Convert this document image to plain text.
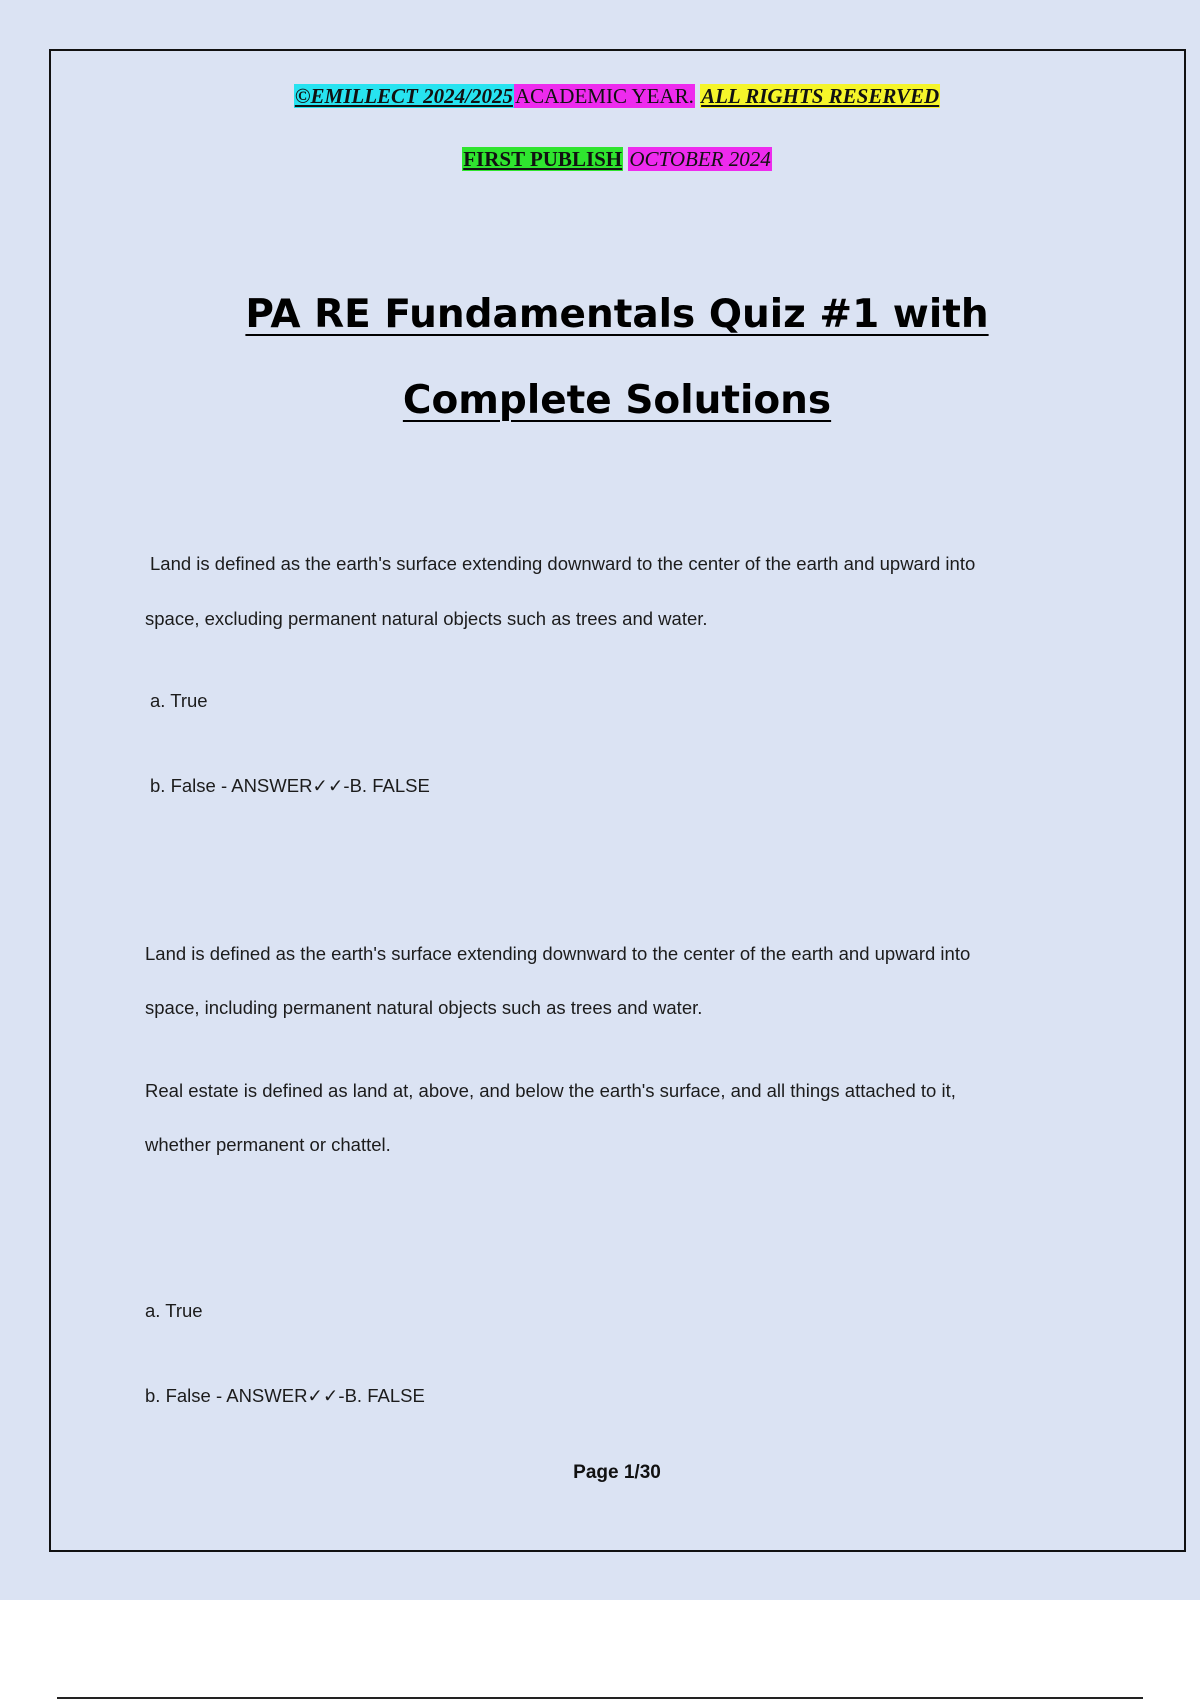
©EMILLECT 2024/2025ACADEMIC YEAR. ALL RIGHTS RESERVED
FIRST PUBLISH OCTOBER 2024
PA RE Fundamentals Quiz #1 with
Complete Solutions
Land is defined as the earth's surface extending downward to the center of the earth and upward into
space, excluding permanent natural objects such as trees and water.
a. True
b. False - ANSWER✓✓-B. FALSE
Land is defined as the earth's surface extending downward to the center of the earth and upward into
space, including permanent natural objects such as trees and water.
Real estate is defined as land at, above, and below the earth's surface, and all things attached to it,
whether permanent or chattel.
a. True
b. False - ANSWER✓✓-B. FALSE
Page 1/30
